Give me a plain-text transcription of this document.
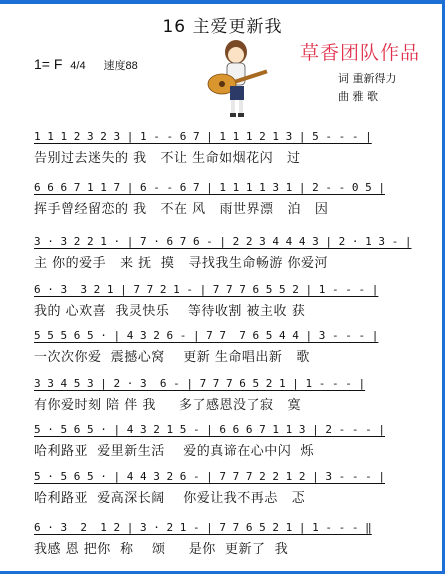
16 主爱更新我
1= F 4/4 速度88
草香团队作品
词 重新得力
曲 雅 歌
1 1 1 2 3 2 3 | 1 - - 6 7 | 1 1 1 2 1 3 | 5 - - - |
告别过去迷失的 我   不让 生命如烟花闪   过
6 6 6 7 1 1 7 | 6 - - 6 7 | 1 1 1 1 3 1 | 2 - - 0 5 |
挥手曾经留恋的 我   不在 风   雨世界漂   泊   因
3 · 3 2 2 1 · | 7 · 6 7 6 - | 2 2 3 4 4 4 3 | 2 · 1 3 - |
主 你的爱手   来 抚  摸   寻找我生命畅游 你爱河
6 · 3  3 2 1 | 7 7 2 1 - | 7 7 7 6 5 5 2 | 1 - - - |
我的 心欢喜  我灵快乐    等待收割 被主收 获
5 5 5 6 5 · | 4 3 2 6 - | 7 7  7 6 5 4 4 | 3 - - - |
一次次你爱  震撼心窝    更新 生命唱出新   歌
3 3 4 5 3 | 2 · 3  6 - | 7 7 7 6 5 2 1 | 1 - - - |
有你爱时刻 陪 伴 我     多了感恩没了寂   寞
5 · 5 6 5 · | 4 3 2 1 5 - | 6 6 6 7 1 1 3 | 2 - - - |
哈利路亚  爱里新生活    爱的真谛在心中闪  烁
5 · 5 6 5 · | 4 4 3 2 6 - | 7 7 7 2 2 1 2 | 3 - - - |
哈利路亚  爱高深长阔    你爱让我不再忐   忑
6 · 3  2  1 2 | 3 · 2 1 - | 7 7 6 5 2 1 | 1 - - - ‖
我感 恩 把你  称    颂     是你  更新了  我
